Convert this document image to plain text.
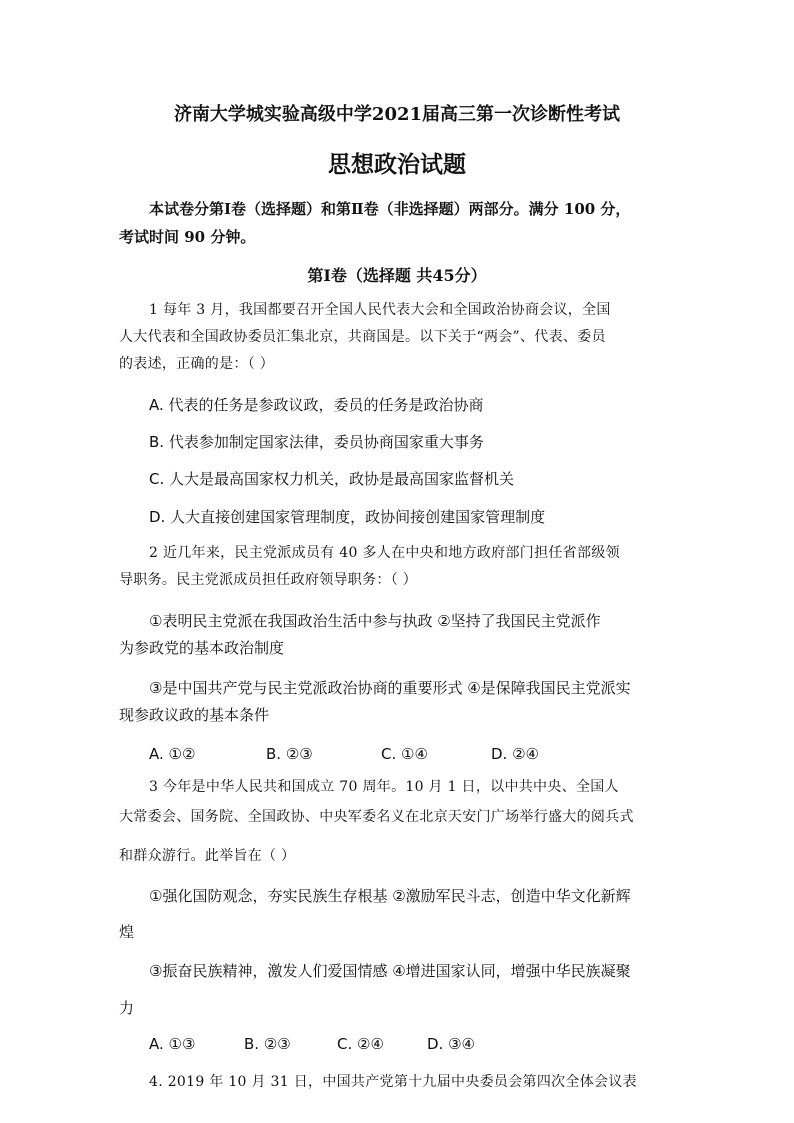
济南大学城实验高级中学2021届高三第一次诊断性考试
思想政治试题
本试卷分第Ⅰ卷（选择题）和第Ⅱ卷（非选择题）两部分。满分 100 分，
考试时间 90 分钟。
第Ⅰ卷（选择题 共45分）
1 每年 3 月，我国都要召开全国人民代表大会和全国政治协商会议，全国
人大代表和全国政协委员汇集北京，共商国是。以下关于“两会”、代表、委员
的表述，正确的是：（ ）
A. 代表的任务是参政议政，委员的任务是政治协商
B. 代表参加制定国家法律，委员协商国家重大事务
C. 人大是最高国家权力机关，政协是最高国家监督机关
D. 人大直接创建国家管理制度，政协间接创建国家管理制度
2 近几年来，民主党派成员有 40 多人在中央和地方政府部门担任省部级领
导职务。民主党派成员担任政府领导职务：（ ）
①表明民主党派在我国政治生活中参与执政 ②坚持了我国民主党派作
为参政党的基本政治制度
③是中国共产党与民主党派政治协商的重要形式 ④是保障我国民主党派实
现参政议政的基本条件
A. ①②	B. ②③	C. ①④	D. ②④
3 今年是中华人民共和国成立 70 周年。10 月 1 日，以中共中央、全国人
大常委会、国务院、全国政协、中央军委名义在北京天安门广场举行盛大的阅兵式
和群众游行。此举旨在（ ）
①强化国防观念，夯实民族生存根基 ②激励军民斗志，创造中华文化新辉
煌
③振奋民族精神，激发人们爱国情感 ④增进国家认同，增强中华民族凝聚
力
A. ①③	B. ②③	C. ②④	D. ③④
4. 2019 年 10 月 31 日，中国共产党第十九届中央委员会第四次全体会议表
